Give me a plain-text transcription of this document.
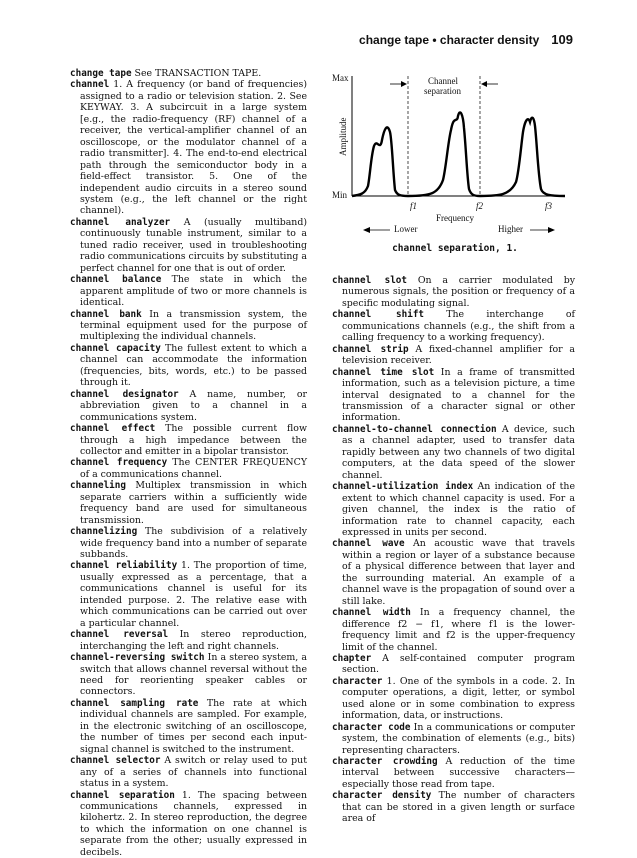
change tape • character density 109

change tape See TRANSACTION TAPE.

channel 1. A frequency (or band of frequencies) assigned to a radio or television station. 2. See KEYWAY. 3. A subcircuit in a large system [e.g., the radio-frequency (RF) channel of a receiver, the vertical-amplifier channel of an oscilloscope, or the modulator channel of a radio transmitter]. 4. The end-to-end electrical path through the semiconductor body in a field-effect transistor. 5. One of the independent audio circuits in a stereo sound system (e.g., the left channel or the right channel).

channel analyzer A (usually multiband) continuously tunable instrument, similar to a tuned radio receiver, used in troubleshooting radio communications circuits by substituting a perfect channel for one that is out of order.

channel balance The state in which the apparent amplitude of two or more channels is identical.

channel bank In a transmission system, the terminal equipment used for the purpose of multiplexing the individual channels.

channel capacity The fullest extent to which a channel can accommodate the information (frequencies, bits, words, etc.) to be passed through it.

channel designator A name, number, or abbreviation given to a channel in a communications system.

channel effect The possible current flow through a high impedance between the collector and emitter in a bipolar transistor.

channel frequency The CENTER FREQUENCY of a communications channel.

channeling Multiplex transmission in which separate carriers within a sufficiently wide frequency band are used for simultaneous transmission.

channelizing The subdivision of a relatively wide frequency band into a number of separate subbands.

channel reliability 1. The proportion of time, usually expressed as a percentage, that a communications channel is useful for its intended purpose. 2. The relative ease with which communications can be carried out over a particular channel.

channel reversal In stereo reproduction, interchanging the left and right channels.

channel-reversing switch In a stereo system, a switch that allows channel reversal without the need for reorienting speaker cables or connectors.

channel sampling rate The rate at which individual channels are sampled. For example, in the electronic switching of an oscilloscope, the number of times per second each input-signal channel is switched to the instrument.

channel selector A switch or relay used to put any of a series of channels into functional status in a system.

channel separation 1. The spacing between communications channels, expressed in kilohertz. 2. In stereo reproduction, the degree to which the information on one channel is separate from the other; usually expressed in decibels.

Max
Min
Amplitude
Channel
separation
f1	f2	f3
Frequency
Lower	Higher
channel separation, 1.

channel slot On a carrier modulated by numerous signals, the position or frequency of a specific modulating signal.

channel shift The interchange of communications channels (e.g., the shift from a calling frequency to a working frequency).

channel strip A fixed-channel amplifier for a television receiver.

channel time slot In a frame of transmitted information, such as a television picture, a time interval designated to a channel for the transmission of a character signal or other information.

channel-to-channel connection A device, such as a channel adapter, used to transfer data rapidly between any two channels of two digital computers, at the data speed of the slower channel.

channel-utilization index An indication of the extent to which channel capacity is used. For a given channel, the index is the ratio of information rate to channel capacity, each expressed in units per second.

channel wave An acoustic wave that travels within a region or layer of a substance because of a physical difference between that layer and the surrounding material. An example of a channel wave is the propagation of sound over a still lake.

channel width In a frequency channel, the difference f2 − f1, where f1 is the lower-frequency limit and f2 is the upper-frequency limit of the channel.

chapter A self-contained computer program section.

character 1. One of the symbols in a code. 2. In computer operations, a digit, letter, or symbol used alone or in some combination to express information, data, or instructions.

character code In a communications or computer system, the combination of elements (e.g., bits) representing characters.

character crowding A reduction of the time interval between successive characters—especially those read from tape.

character density The number of characters that can be stored in a given length or surface area of
